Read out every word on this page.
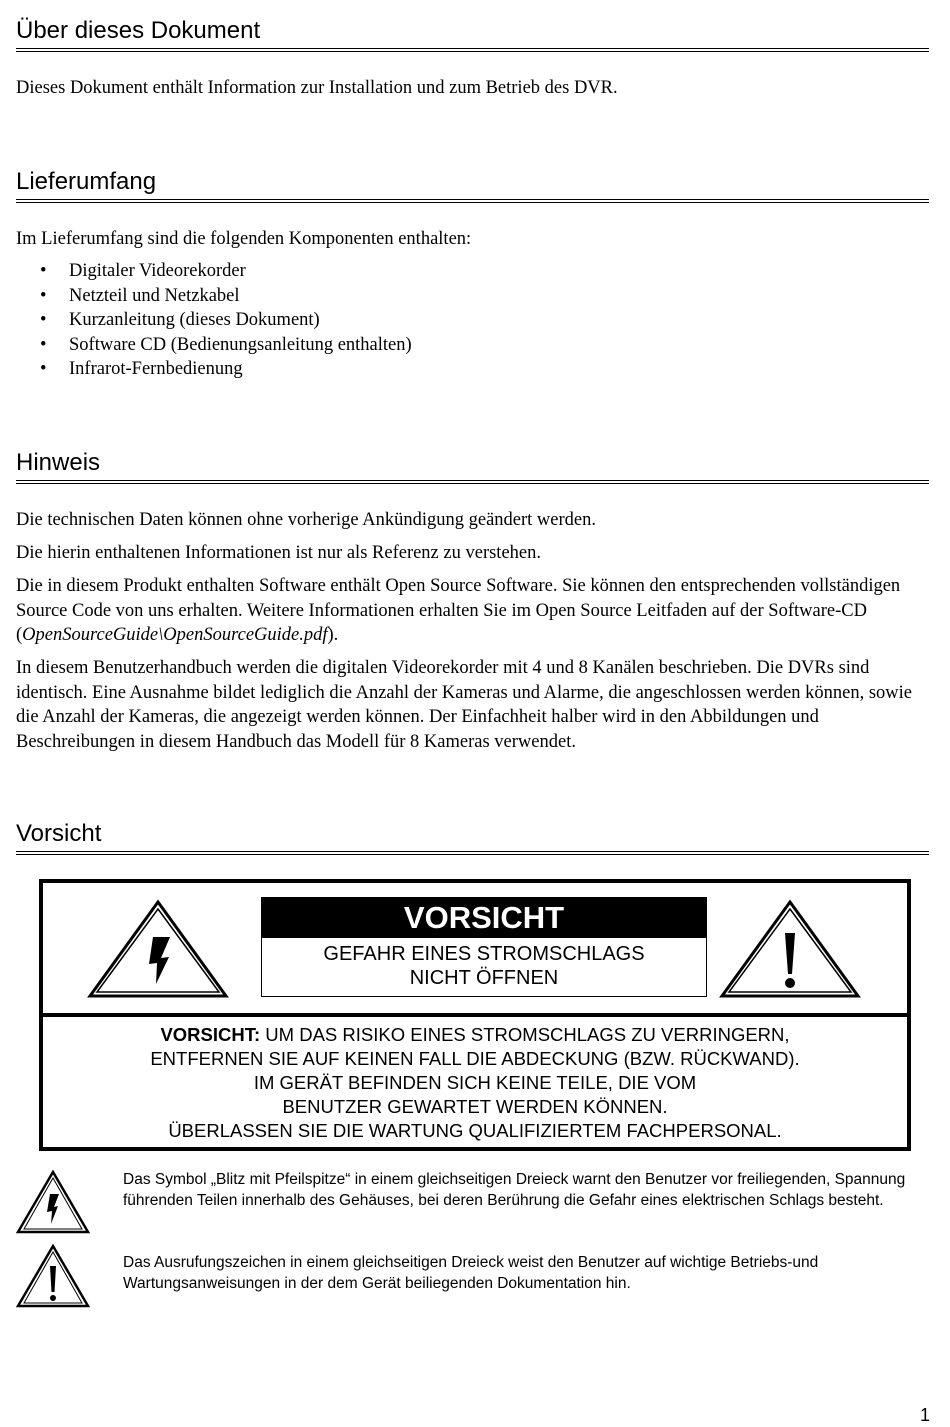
Über dieses Dokument
Dieses Dokument enthält Information zur Installation und zum Betrieb des DVR.
Lieferumfang
Im Lieferumfang sind die folgenden Komponenten enthalten:
• Digitaler Videorekorder
• Netzteil und Netzkabel
• Kurzanleitung (dieses Dokument)
• Software CD (Bedienungsanleitung enthalten)
• Infrarot-Fernbedienung
Hinweis
Die technischen Daten können ohne vorherige Ankündigung geändert werden.
Die hierin enthaltenen Informationen ist nur als Referenz zu verstehen.
Die in diesem Produkt enthalten Software enthält Open Source Software. Sie können den entsprechenden vollständigen Source Code von uns erhalten. Weitere Informationen erhalten Sie im Open Source Leitfaden auf der Software-CD (OpenSourceGuide\OpenSourceGuide.pdf).
In diesem Benutzerhandbuch werden die digitalen Videorekorder mit 4 und 8 Kanälen beschrieben. Die DVRs sind identisch. Eine Ausnahme bildet lediglich die Anzahl der Kameras und Alarme, die angeschlossen werden können, sowie die Anzahl der Kameras, die angezeigt werden können. Der Einfachheit halber wird in den Abbildungen und Beschreibungen in diesem Handbuch das Modell für 8 Kameras verwendet.
Vorsicht
VORSICHT
GEFAHR EINES STROMSCHLAGS
NICHT ÖFFNEN
VORSICHT: UM DAS RISIKO EINES STROMSCHLAGS ZU VERRINGERN,
ENTFERNEN SIE AUF KEINEN FALL DIE ABDECKUNG (BZW. RÜCKWAND).
IM GERÄT BEFINDEN SICH KEINE TEILE, DIE VOM
BENUTZER GEWARTET WERDEN KÖNNEN.
ÜBERLASSEN SIE DIE WARTUNG QUALIFIZIERTEM FACHPERSONAL.
Das Symbol „Blitz mit Pfeilspitze“ in einem gleichseitigen Dreieck warnt den Benutzer vor freiliegenden, Spannung führenden Teilen innerhalb des Gehäuses, bei deren Berührung die Gefahr eines elektrischen Schlags besteht.
Das Ausrufungszeichen in einem gleichseitigen Dreieck weist den Benutzer auf wichtige Betriebs-und Wartungsanweisungen in der dem Gerät beiliegenden Dokumentation hin.
1
